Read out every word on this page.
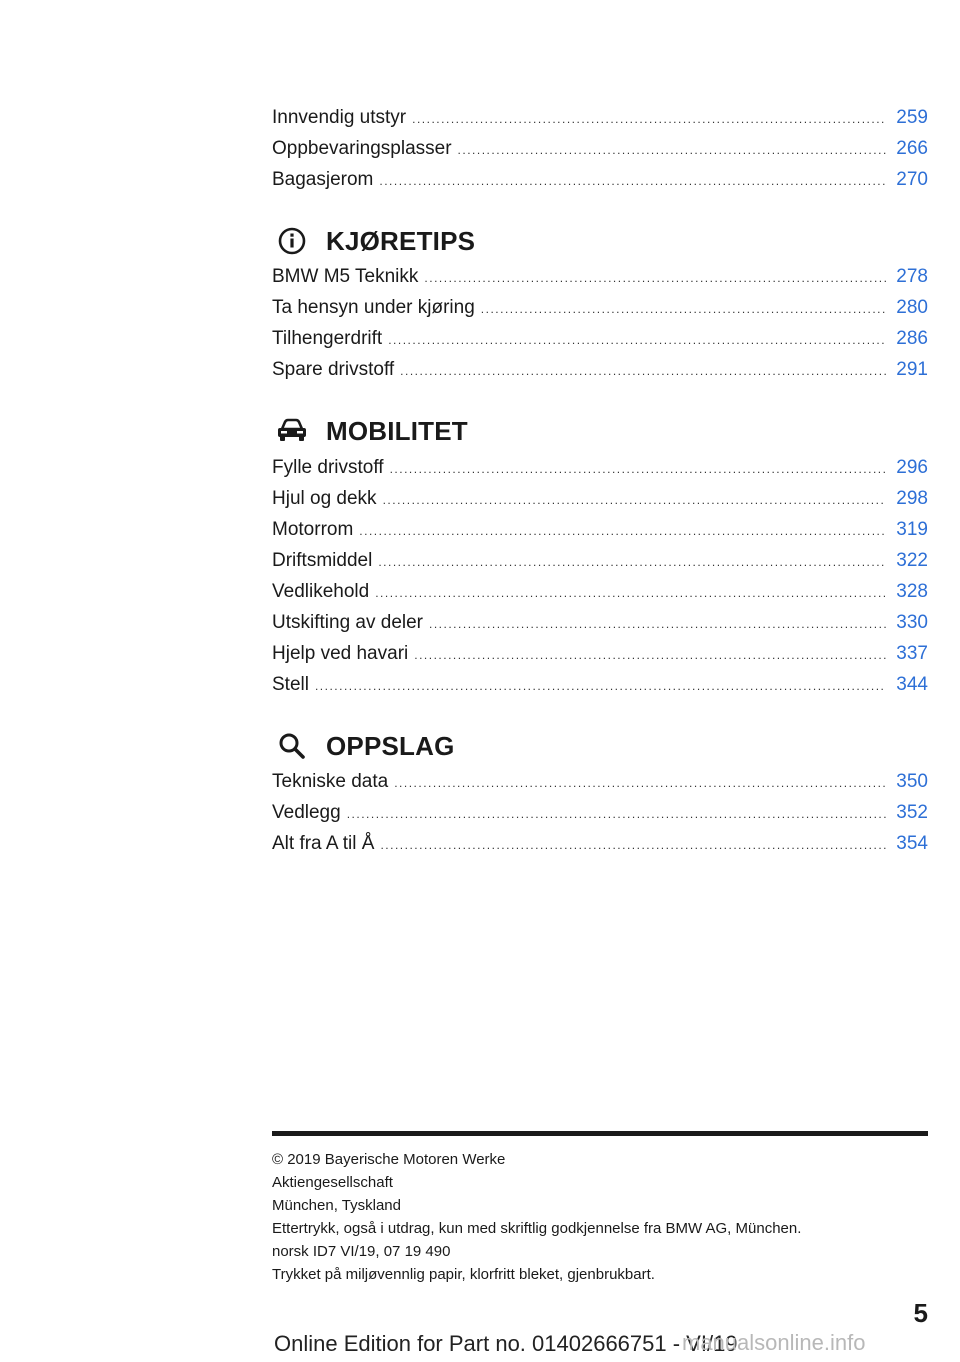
Innvendig utstyr .....	259
Oppbevaringsplasser .....	266
Bagasjerom .....	270
KJØRETIPS
BMW M5 Teknikk .....	278
Ta hensyn under kjøring .....	280
Tilhengerdrift .....	286
Spare drivstoff .....	291
MOBILITET
Fylle drivstoff .....	296
Hjul og dekk .....	298
Motorrom .....	319
Driftsmiddel .....	322
Vedlikehold .....	328
Utskifting av deler .....	330
Hjelp ved havari .....	337
Stell .....	344
OPPSLAG
Tekniske data .....	350
Vedlegg .....	352
Alt fra A til Å .....	354
© 2019 Bayerische Motoren Werke
Aktiengesellschaft
München, Tyskland
Ettertrykk, også i utdrag, kun med skriftlig godkjennelse fra BMW AG, München.
norsk ID7 VI/19, 07 19 490
Trykket på miljøvennlig papir, klorfritt bleket, gjenbrukbart.
5
Online Edition for Part no. 01402666751 - VI/19
manualsonline.info
